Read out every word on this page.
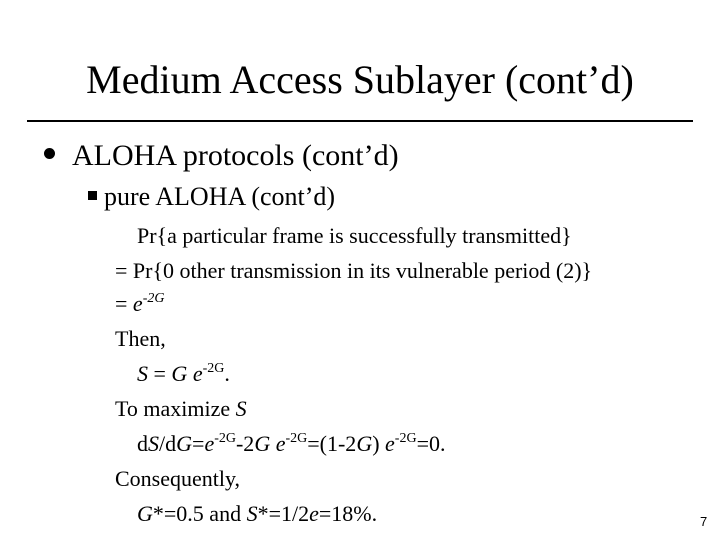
Medium Access Sublayer (cont’d)
ALOHA protocols (cont’d)
pure ALOHA (cont’d)
Pr{a particular frame is successfully transmitted}
= Pr{0 other transmission in its vulnerable period (2)}
= $e^{-2G}$
Then,
S = G $e^{-2G}$.
To maximize S
$dS/dG=e^{-2G}-2G$ $e^{-2G}=(1-2G)$ $e^{-2G}=0$.
Consequently,
G*=0.5 and S*=1/2e=18%.	7
